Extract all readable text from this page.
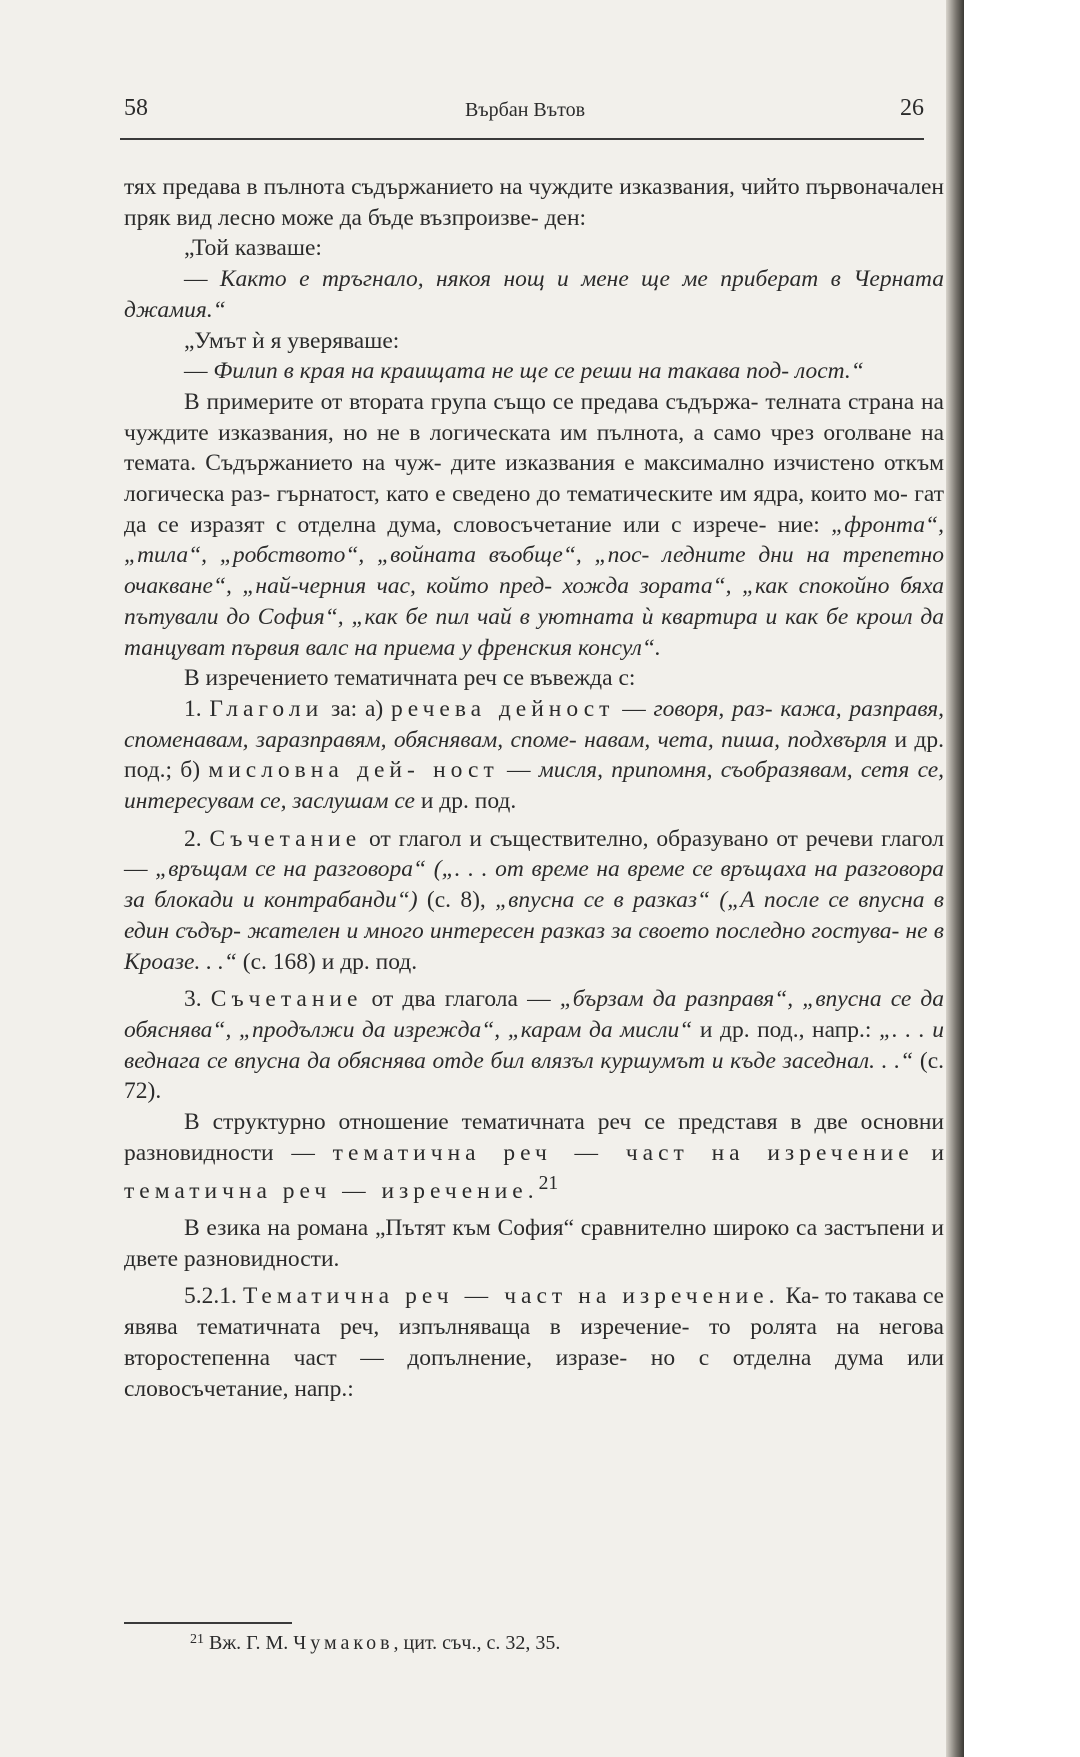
58	Върбан Вътов	26

тях предава в пълнота съдържанието на чуждите изказвания, чийто първоначален пряк вид лесно може да бъде възпроизве- ден:

„Той казваше:

— Както е тръгнало, някоя нощ и мене ще ме приберат в Черната джамия.“

„Умът ѝ я уверяваше:

— Филип в края на краищата не ще се реши на такава под- лост.“

В примерите от втората група също се предава съдържа- телната страна на чуждите изказвания, но не в логическата им пълнота, а само чрез оголване на темата. Съдържанието на чуж- дите изказвания е максимално изчистено откъм логическа раз- гърнатост, като е сведено до тематическите им ядра, които мо- гат да се изразят с отделна дума, словосъчетание или с изрече- ние: „фронта“, „тила“, „робството“, „войната въобще“, „пос- ледните дни на трепетно очакване“, „най-черния час, който пред- хожда зората“, „как спокойно бяха пътували до София“, „как бе пил чай в уютната ѝ квартира и как бе кроил да танцуват първия валс на приема у френския консул“.

В изречението тематичната реч се въвежда с:

1. Глаголи за: а) речева дейност — говоря, раз- кажа, разправя, споменавам, заразправям, обяснявам, споме- навам, чета, пиша, подхвърля и др. под.; б) мисловна дей- ност — мисля, припомня, съобразявам, сетя се, интересувам се, заслушам се и др. под.

2. Съчетание от глагол и съществително, образувано от речеви глагол — „връщам се на разговора“ („. . . от време на време се връщаха на разговора за блокади и контрабанди“) (с. 8), „впусна се в разказ“ („А после се впусна в един съдър- жателен и много интересен разказ за своето последно гостува- не в Кроазе. . .“ (с. 168) и др. под.

3. Съчетание от два глагола — „бързам да разправя“, „впусна се да обяснява“, „продължи да изрежда“, „карам да мисли“ и др. под., напр.: „. . . и веднага се впусна да обяснява отде бил влязъл куршумът и къде заседнал. . .“ (с. 72).

В структурно отношение тематичната реч се представя в две основни разновидности — тематична реч — част на изречение и тематична реч — изречение.$^{21}$

В езика на романа „Пътят към София“ сравнително широко са застъпени и двете разновидности.

5.2.1. Тематична реч — част на изречение. Ка- то такава се явява тематичната реч, изпълняваща в изречение- то ролята на негова второстепенна част — допълнение, изразе- но с отделна дума или словосъчетание, напр.:

$^{21}$ Вж. Г. М. Чумаков, цит. съч., с. 32, 35.
